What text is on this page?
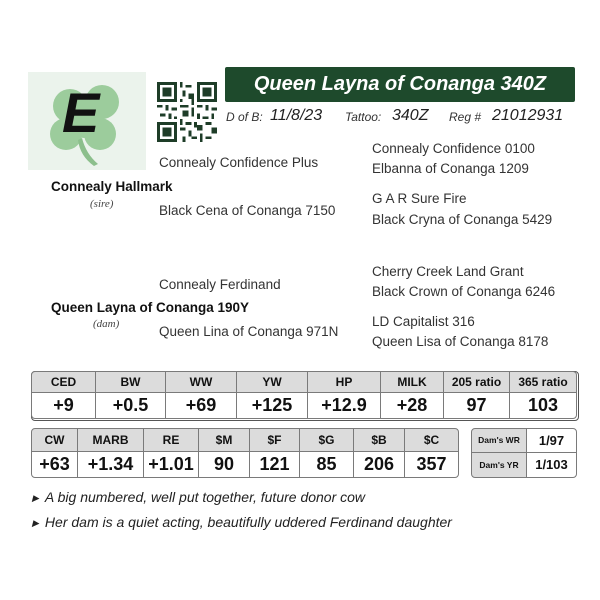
E	Queen Layna of Conanga 340Z
D of B: 11/8/23 Tattoo: 340Z Reg # 21012931
Connealy Confidence Plus
Connealy Confidence 0100
Elbanna of Conanga 1209
Connealy Hallmark
(sire)	G A R Sure Fire
Black Cena of Conanga 7150
Black Cryna of Conanga 5429
Cherry Creek Land Grant
Connealy Ferdinand	Black Crown of Conanga 6246
Queen Layna of Conanga 190Y
(dam)	LD Capitalist 316
Queen Lina of Conanga 971N
Queen Lisa of Conanga 8178
CED	BW	WW	YW	HP	MILK	205 ratio	365 ratio
+9	+0.5	+69	+125	+12.9	+28	97	103
CW	MARB	RE	$M	$F	$G	$B	$C
+63 +1.34 +1.01	90	121	85	206	357
Dam's WR	1/97
Dam's YR	1/103
▶ A big numbered, well put together, future donor cow
▶ Her dam is a quiet acting, beautifully uddered Ferdinand daughter
